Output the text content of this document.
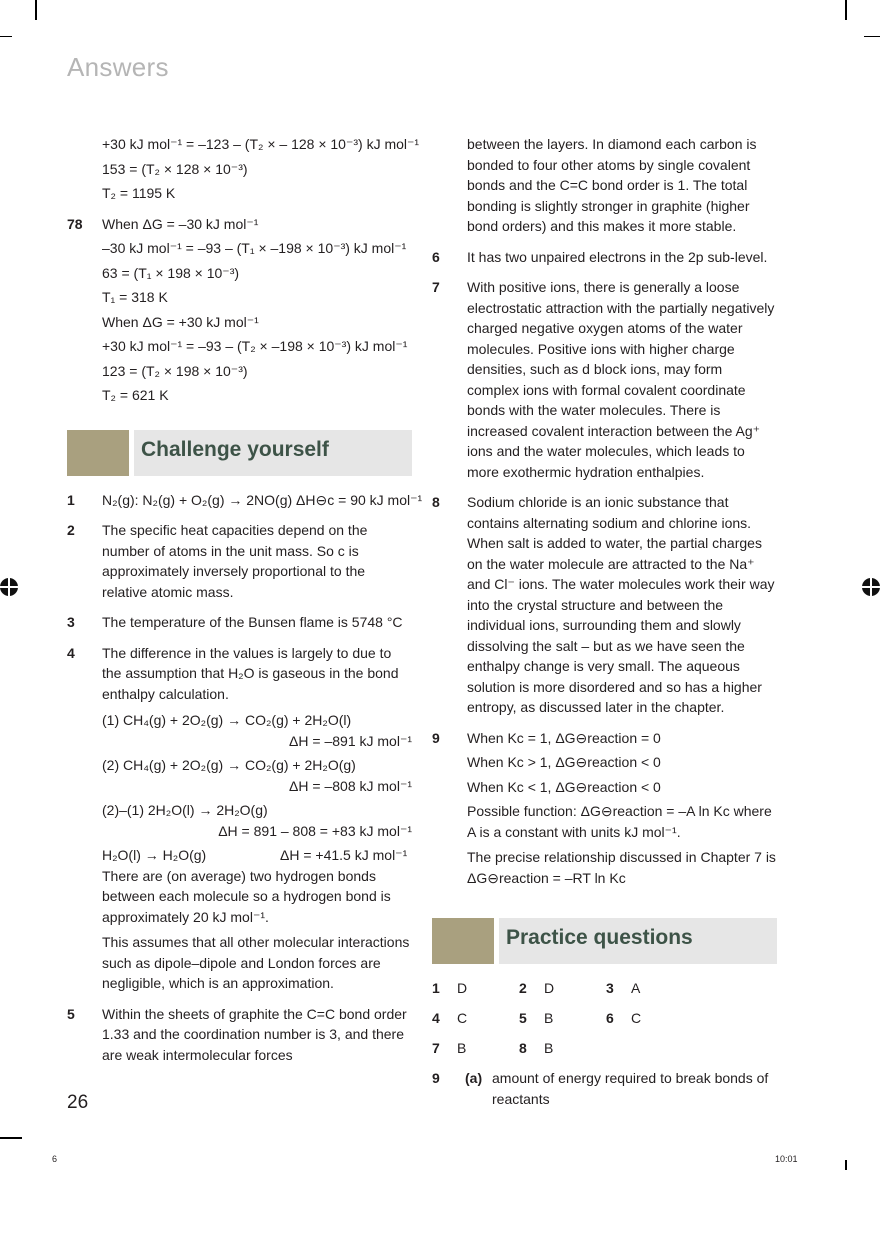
Answers
+30 kJ mol⁻¹ = –123 – (T₂ × – 128 × 10⁻³) kJ mol⁻¹
153 = (T₂ × 128 × 10⁻³)
T₂ = 1195 K
78 When ΔG = –30 kJ mol⁻¹
–30 kJ mol⁻¹ = –93 – (T₁ × –198 × 10⁻³) kJ mol⁻¹
63 = (T₁ × 198 × 10⁻³)
T₁ = 318 K
When ΔG = +30 kJ mol⁻¹
+30 kJ mol⁻¹ = –93 – (T₂ × –198 × 10⁻³) kJ mol⁻¹
123 = (T₂ × 198 × 10⁻³)
T₂ = 621 K
Challenge yourself
1 N₂(g): N₂(g) + O₂(g) → 2NO(g) ΔH⊖c = 90 kJ mol⁻¹
2 The specific heat capacities depend on the number of atoms in the unit mass. So c is approximately inversely proportional to the relative atomic mass.
3 The temperature of the Bunsen flame is 5748 °C
4 The difference in the values is largely to due to the assumption that H₂O is gaseous in the bond enthalpy calculation.
(1) CH₄(g) + 2O₂(g) → CO₂(g) + 2H₂O(l)
ΔH = –891 kJ mol⁻¹
(2) CH₄(g) + 2O₂(g) → CO₂(g) + 2H₂O(g)
ΔH = –808 kJ mol⁻¹
(2)–(1) 2H₂O(l) → 2H₂O(g)
ΔH = 891 – 808 = +83 kJ mol⁻¹
H₂O(l) → H₂O(g)	ΔH = +41.5 kJ mol⁻¹
There are (on average) two hydrogen bonds between each molecule so a hydrogen bond is approximately 20 kJ mol⁻¹.
This assumes that all other molecular interactions such as dipole–dipole and London forces are negligible, which is an approximation.
5 Within the sheets of graphite the C=C bond order 1.33 and the coordination number is 3, and there are weak intermolecular forces
between the layers. In diamond each carbon is bonded to four other atoms by single covalent bonds and the C=C bond order is 1. The total bonding is slightly stronger in graphite (higher bond orders) and this makes it more stable.
6 It has two unpaired electrons in the 2p sub-level.
7 With positive ions, there is generally a loose electrostatic attraction with the partially negatively charged negative oxygen atoms of the water molecules. Positive ions with higher charge densities, such as d block ions, may form complex ions with formal covalent coordinate bonds with the water molecules. There is increased covalent interaction between the Ag⁺ ions and the water molecules, which leads to more exothermic hydration enthalpies.
8 Sodium chloride is an ionic substance that contains alternating sodium and chlorine ions. When salt is added to water, the partial charges on the water molecule are attracted to the Na⁺ and Cl⁻ ions. The water molecules work their way into the crystal structure and between the individual ions, surrounding them and slowly dissolving the salt – but as we have seen the enthalpy change is very small. The aqueous solution is more disordered and so has a higher entropy, as discussed later in the chapter.
9 When Kc = 1, ΔG⊖reaction = 0
When Kc > 1, ΔG⊖reaction < 0
When Kc < 1, ΔG⊖reaction < 0
Possible function: ΔG⊖reaction = –A ln Kc where A is a constant with units kJ mol⁻¹.
The precise relationship discussed in Chapter 7 is ΔG⊖reaction = –RT ln Kc
Practice questions
1 D	2 D	3 A
4 C	5 B	6 C
7 B	8 B
9 (a) amount of energy required to break bonds of reactants
26
6	10:01
